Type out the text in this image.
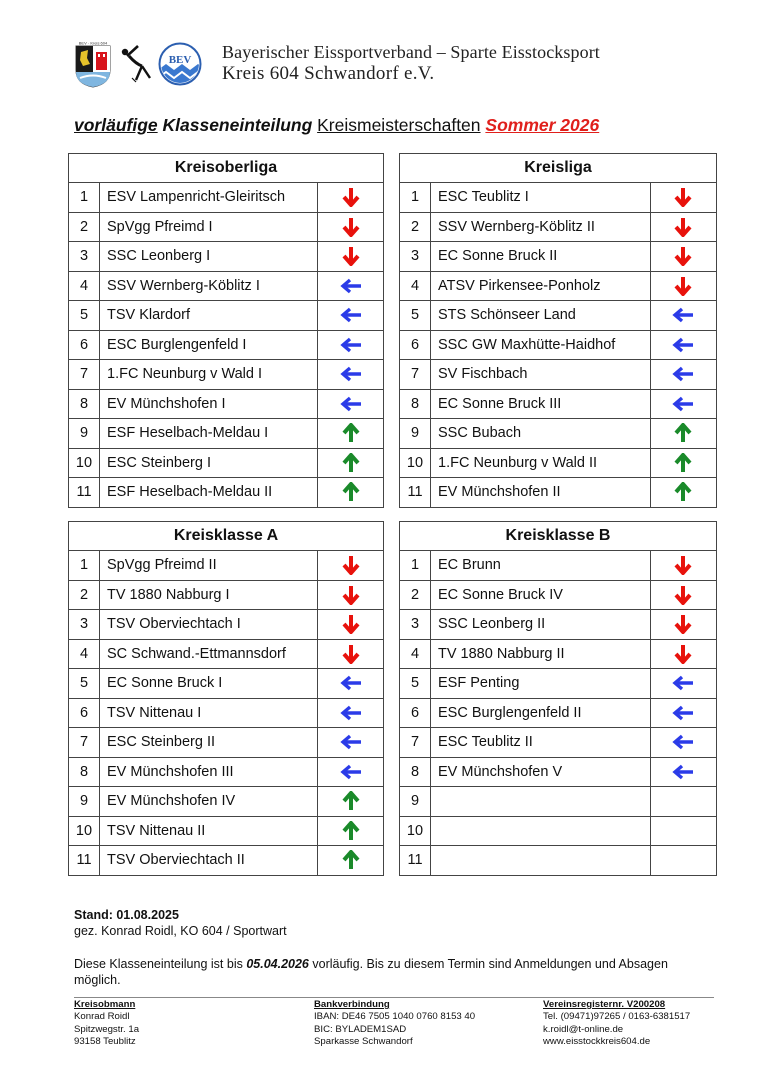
BEV · Kreis 604
BEV Bayerischer Eissportverband – Sparte Eisstocksport
Kreis 604 Schwandorf e.V.
vorläufige Klasseneinteilung Kreismeisterschaften Sommer 2026
Kreisoberliga		
1	ESV Lampenricht-Gleiritsch	
2	SpVgg Pfreimd I	
3	SSC Leonberg I	
4	SSV Wernberg-Köblitz I	
5	TSV Klardorf	
6	ESC Burglengenfeld I	
7	1.FC Neunburg v Wald I	
8	EV Münchshofen I	
9	ESF Heselbach-Meldau I	
10	ESC Steinberg I	
11	ESF Heselbach-Meldau II	
Kreisliga		
1	ESC Teublitz I	
2	SSV Wernberg-Köblitz II	
3	EC Sonne Bruck II	
4	ATSV Pirkensee-Ponholz	
5	STS Schönseer Land	
6	SSC GW Maxhütte-Haidhof	
7	SV Fischbach	
8	EC Sonne Bruck III	
9	SSC Bubach	
10	1.FC Neunburg v Wald II	
11	EV Münchshofen II	
Kreisklasse A		
1	SpVgg Pfreimd II	
2	TV 1880 Nabburg I	
3	TSV Oberviechtach I	
4	SC Schwand.-Ettmannsdorf	
5	EC Sonne Bruck I	
6	TSV Nittenau I	
7	ESC Steinberg II	
8	EV Münchshofen III	
9	EV Münchshofen IV	
10	TSV Nittenau II	
11	TSV Oberviechtach II	
Kreisklasse B		
1	EC Brunn	
2	EC Sonne Bruck IV	
3	SSC Leonberg II	
4	TV 1880 Nabburg II	
5	ESF Penting	
6	ESC Burglengenfeld II	
7	ESC Teublitz II	
8	EV Münchshofen V	
9		
10		
11		
Stand: 01.08.2025
gez. Konrad Roidl, KO 604 / Sportwart
Diese Klasseneinteilung ist bis 05.04.2026 vorläufig. Bis zu diesem Termin sind Anmeldungen und Absagen möglich.
Kreisobmann
Konrad Roidl
Spitzwegstr. 1a
93158 Teublitz
Bankverbindung
IBAN: DE46 7505 1040 0760 8153 40
BIC: BYLADEM1SAD
Sparkasse Schwandorf
Vereinsregisternr. V200208
Tel. (09471)97265 / 0163-6381517
k.roidl@t-online.de
www.eisstockkreis604.de
